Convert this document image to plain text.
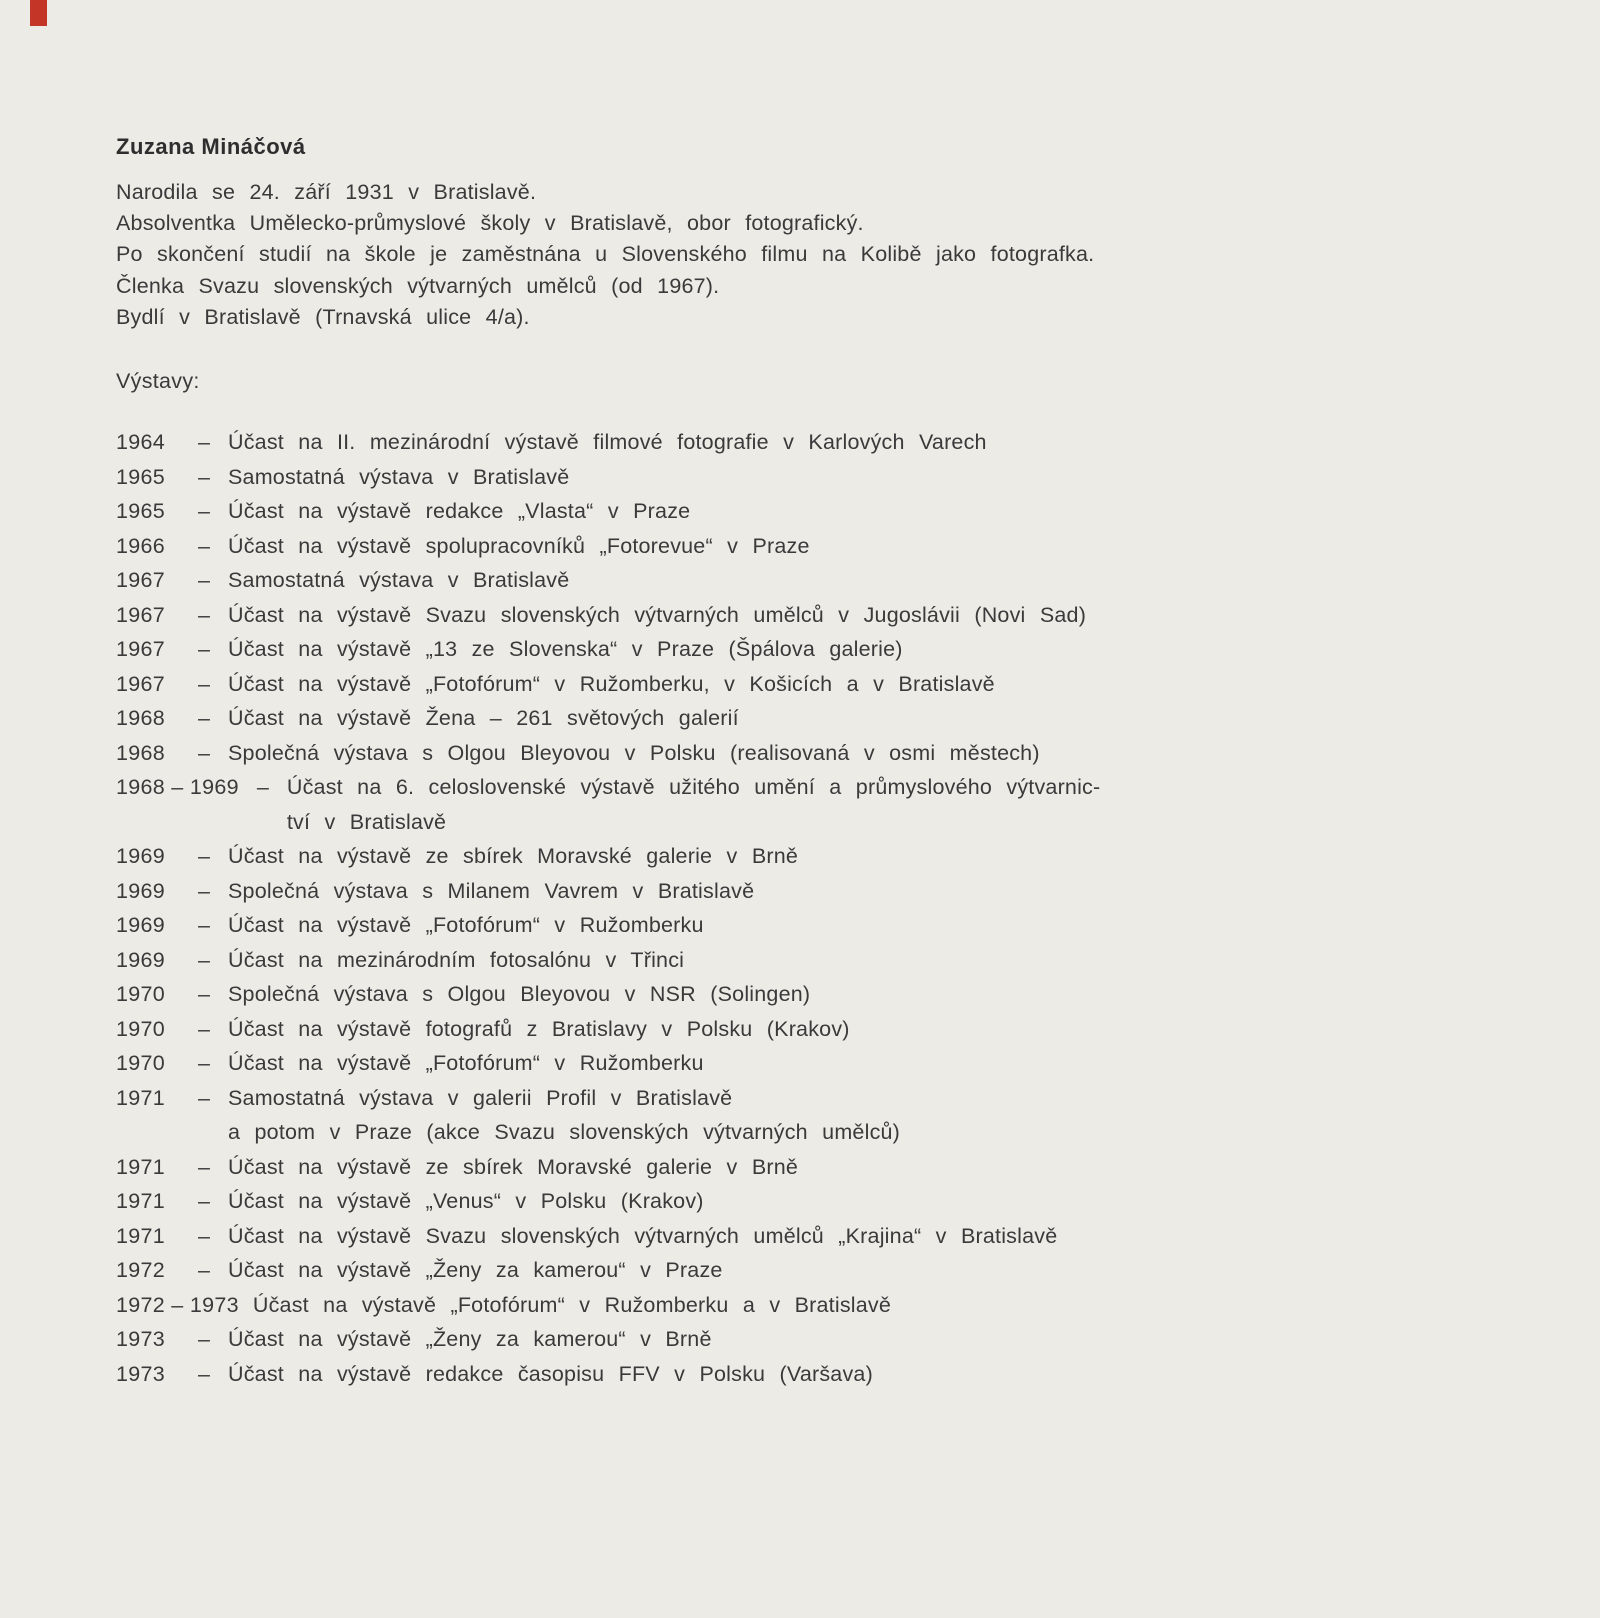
Zuzana Mináčová
Narodila se 24. září 1931 v Bratislavě.
Absolventka Umělecko-průmyslové školy v Bratislavě, obor fotografický.
Po skončení studií na škole je zaměstnána u Slovenského filmu na Kolibě jako fotografka.
Členka Svazu slovenských výtvarných umělců (od 1967).
Bydlí v Bratislavě (Trnavská ulice 4/a).
Výstavy:
1964	– Účast na II. mezinárodní výstavě filmové fotografie v Karlových Varech
1965	– Samostatná výstava v Bratislavě
1965	– Účast na výstavě redakce „Vlasta“ v Praze
1966	– Účast na výstavě spolupracovníků „Fotorevue“ v Praze
1967	– Samostatná výstava v Bratislavě
1967	– Účast na výstavě Svazu slovenských výtvarných umělců v Jugoslávii (Novi Sad)
1967	– Účast na výstavě „13 ze Slovenska“ v Praze (Špálova galerie)
1967	– Účast na výstavě „Fotofórum“ v Ružomberku, v Košicích a v Bratislavě
1968	– Účast na výstavě Žena – 261 světových galerií
1968	– Společná výstava s Olgou Bleyovou v Polsku (realisovaná v osmi městech)
1968 – 1969 – Účast na 6. celoslovenské výstavě užitého umění a průmyslového výtvarnic-
tví v Bratislavě
1969	– Účast na výstavě ze sbírek Moravské galerie v Brně
1969	– Společná výstava s Milanem Vavrem v Bratislavě
1969	– Účast na výstavě „Fotofórum“ v Ružomberku
1969	– Účast na mezinárodním fotosalónu v Třinci
1970	– Společná výstava s Olgou Bleyovou v NSR (Solingen)
1970	– Účast na výstavě fotografů z Bratislavy v Polsku (Krakov)
1970	– Účast na výstavě „Fotofórum“ v Ružomberku
1971	– Samostatná výstava v galerii Profil v Bratislavě
a potom v Praze (akce Svazu slovenských výtvarných umělců)
1971	– Účast na výstavě ze sbírek Moravské galerie v Brně
1971	– Účast na výstavě „Venus“ v Polsku (Krakov)
1971	– Účast na výstavě Svazu slovenských výtvarných umělců „Krajina“ v Bratislavě
1972	– Účast na výstavě „Ženy za kamerou“ v Praze
1972 – 1973 Účast na výstavě „Fotofórum“ v Ružomberku a v Bratislavě
1973	– Účast na výstavě „Ženy za kamerou“ v Brně
1973	– Účast na výstavě redakce časopisu FFV v Polsku (Varšava)
